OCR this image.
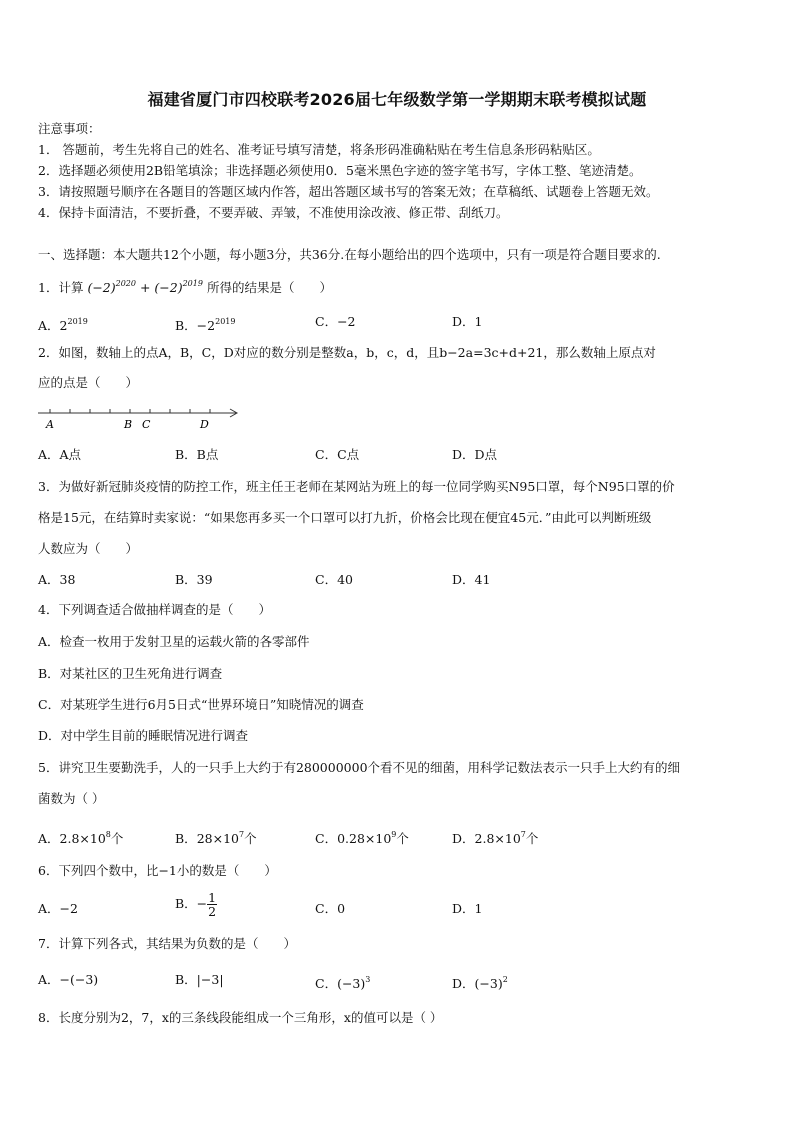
福建省厦门市四校联考2026届七年级数学第一学期期末联考模拟试题
注意事项：
1． 答题前，考生先将自己的姓名、准考证号填写清楚，将条形码准确粘贴在考生信息条形码粘贴区。
2．选择题必须使用2B铅笔填涂；非选择题必须使用0．5毫米黑色字迹的签字笔书写，字体工整、笔迹清楚。
3．请按照题号顺序在各题目的答题区域内作答，超出答题区域书写的答案无效；在草稿纸、试题卷上答题无效。
4．保持卡面清洁，不要折叠，不要弄破、弄皱，不准使用涂改液、修正带、刮纸刀。
一、选择题：本大题共12个小题，每小题3分，共36分.在每小题给出的四个选项中，只有一项是符合题目要求的.
1．计算 $(-2)^{2020} + (-2)^{2019}$ 所得的结果是（　　）
A．$2^{2019}$	B．$-2^{2019}$	C．−2	D．1
2．如图，数轴上的点A，B，C，D对应的数分别是整数a，b，c，d，且b−2a=3c+d+21，那么数轴上原点对
应的点是（　　）
A	B C	D
A．A点	B．B点	C．C点	D．D点
3．为做好新冠肺炎疫情的防控工作，班主任王老师在某网站为班上的每一位同学购买N95口罩，每个N95口罩的价
格是15元，在结算时卖家说：“如果您再多买一个口罩可以打九折，价格会比现在便宜45元．”由此可以判断班级
人数应为（　　）
A．38	B．39	C．40	D．41
4．下列调查适合做抽样调查的是（　　）
A．检查一枚用于发射卫星的运载火箭的各零部件
B．对某社区的卫生死角进行调查
C．对某班学生进行6月5日式“世界环境日”知晓情况的调查
D．对中学生目前的睡眠情况进行调查
5．讲究卫生要勤洗手，人的一只手上大约于有280000000个看不见的细菌，用科学记数法表示一只手上大约有的细
菌数为（ ）
A．$2.8\times 10^8$个	B．$28\times 10^7$个	C．$0.28\times 10^9$个	D．$2.8\times 10^7$个
6．下列四个数中，比−1小的数是（　　）
A．−2	B．− $\frac{1}{2}$	C．0	D．1
7．计算下列各式，其结果为负数的是（　　）
A．−(−3)	B．|−3|	C．$(-3)^3$	D．$(-3)^2$
8．长度分别为2，7，x的三条线段能组成一个三角形，x的值可以是（ ）
